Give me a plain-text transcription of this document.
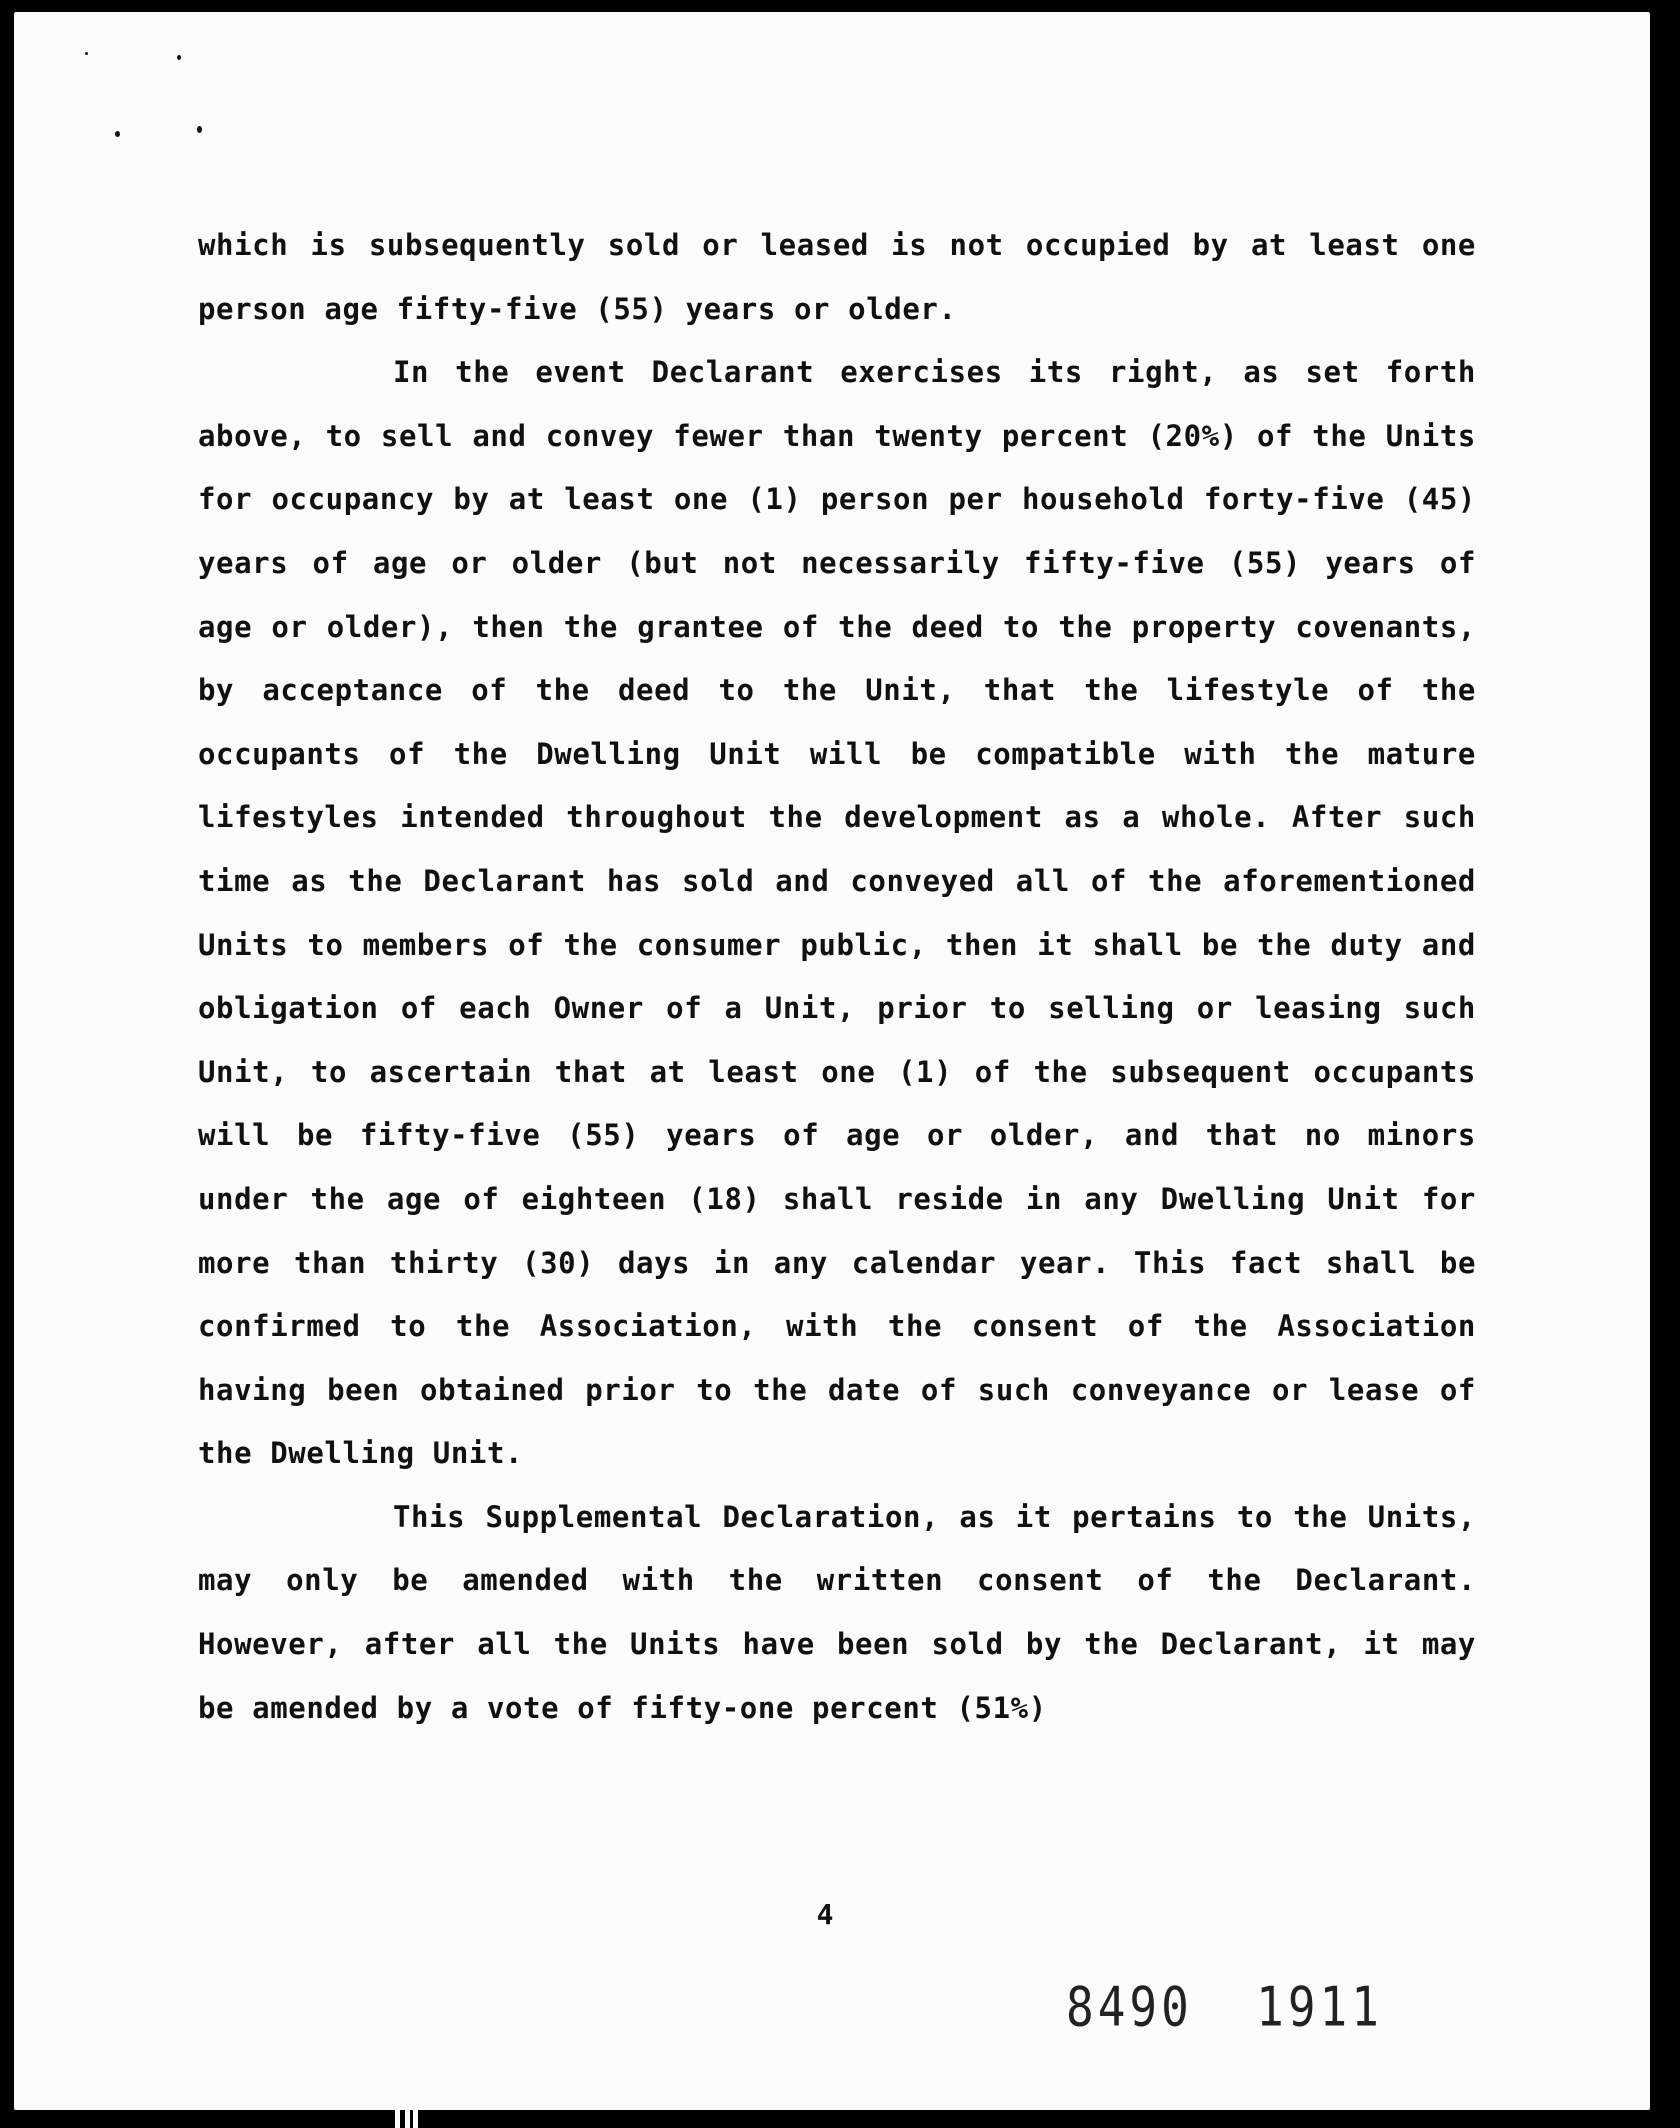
which is subsequently sold or leased is not occupied by at least one person age fifty-five (55) years or older.

In the event Declarant exercises its right, as set forth above, to sell and convey fewer than twenty percent (20%) of the Units for occupancy by at least one (1) person per household forty-five (45) years of age or older (but not necessarily fifty-five (55) years of age or older), then the grantee of the deed to the property covenants, by acceptance of the deed to the Unit, that the lifestyle of the occupants of the Dwelling Unit will be compatible with the mature lifestyles intended throughout the development as a whole. After such time as the Declarant has sold and conveyed all of the aforementioned Units to members of the consumer public, then it shall be the duty and obligation of each Owner of a Unit, prior to selling or leasing such Unit, to ascertain that at least one (1) of the subsequent occupants will be fifty-five (55) years of age or older, and that no minors under the age of eighteen (18) shall reside in any Dwelling Unit for more than thirty (30) days in any calendar year. This fact shall be confirmed to the Association, with the consent of the Association having been obtained prior to the date of such conveyance or lease of the Dwelling Unit.

This Supplemental Declaration, as it pertains to the Units, may only be amended with the written consent of the Declarant. However, after all the Units have been sold by the Declarant, it may be amended by a vote of fifty-one percent (51%)

4
8490  1911
